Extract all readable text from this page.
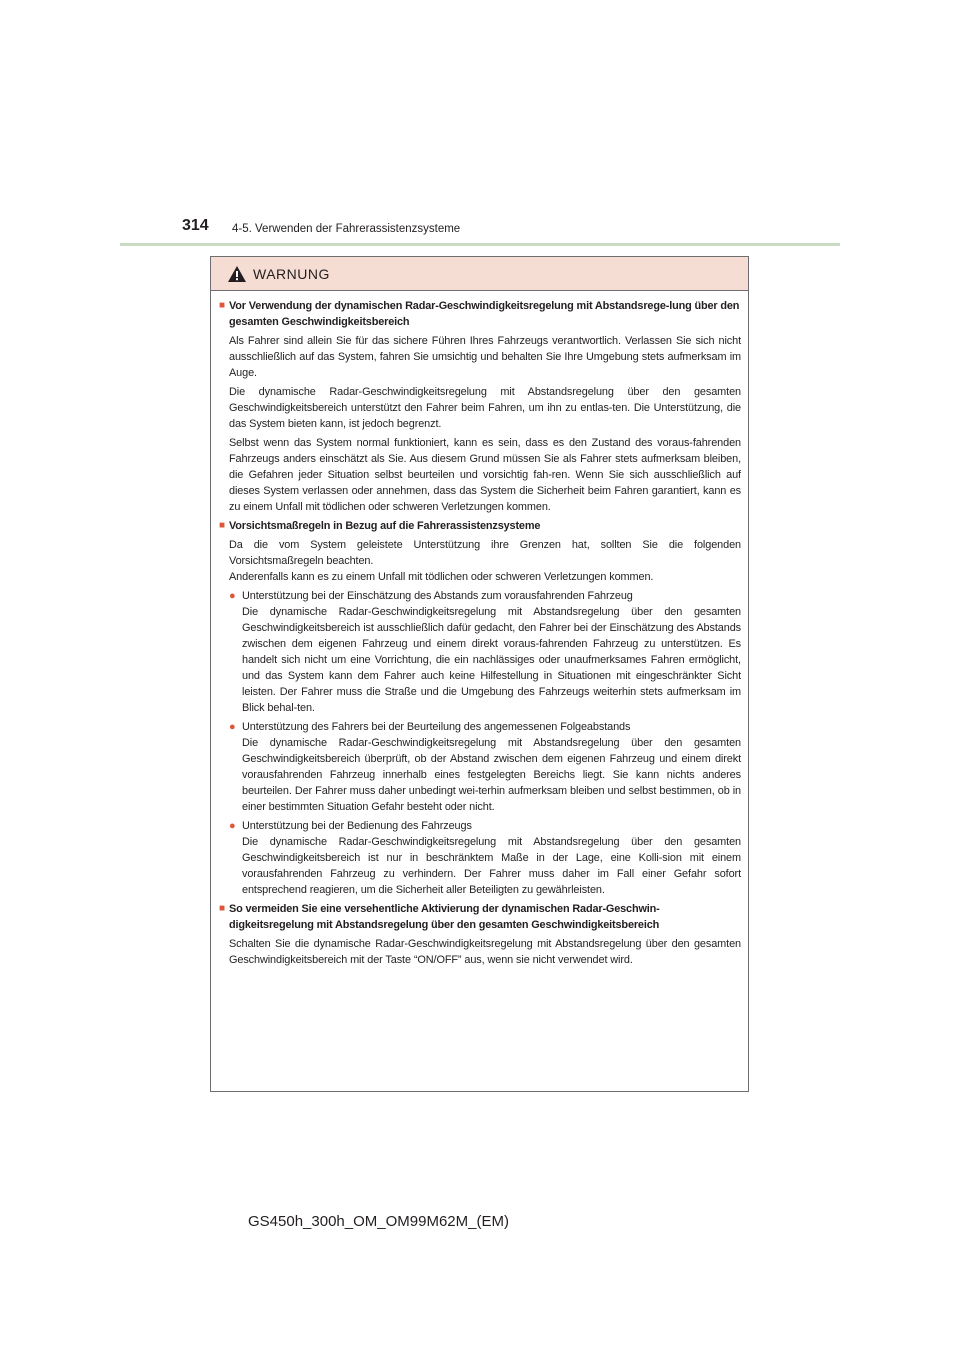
314 4-5. Verwenden der Fahrerassistenzsysteme
WARNUNG
■ Vor Verwendung der dynamischen Radar-Geschwindigkeitsregelung mit Abstandsrege-lung über den gesamten Geschwindigkeitsbereich

Als Fahrer sind allein Sie für das sichere Führen Ihres Fahrzeugs verantwortlich. Verlassen Sie sich nicht ausschließlich auf das System, fahren Sie umsichtig und behalten Sie Ihre Umgebung stets aufmerksam im Auge.

Die dynamische Radar-Geschwindigkeitsregelung mit Abstandsregelung über den gesamten Geschwindigkeitsbereich unterstützt den Fahrer beim Fahren, um ihn zu entlas-ten. Die Unterstützung, die das System bieten kann, ist jedoch begrenzt.

Selbst wenn das System normal funktioniert, kann es sein, dass es den Zustand des voraus-fahrenden Fahrzeugs anders einschätzt als Sie. Aus diesem Grund müssen Sie als Fahrer stets aufmerksam bleiben, die Gefahren jeder Situation selbst beurteilen und vorsichtig fah-ren. Wenn Sie sich ausschließlich auf dieses System verlassen oder annehmen, dass das System die Sicherheit beim Fahren garantiert, kann es zu einem Unfall mit tödlichen oder schweren Verletzungen kommen.

■ Vorsichtsmaßregeln in Bezug auf die Fahrerassistenzsysteme

Da die vom System geleistete Unterstützung ihre Grenzen hat, sollten Sie die folgenden Vorsichtsmaßregeln beachten.
Anderenfalls kann es zu einem Unfall mit tödlichen oder schweren Verletzungen kommen.

● Unterstützung bei der Einschätzung des Abstands zum vorausfahrenden Fahrzeug
Die dynamische Radar-Geschwindigkeitsregelung mit Abstandsregelung über den gesamten Geschwindigkeitsbereich ist ausschließlich dafür gedacht, den Fahrer bei der Einschätzung des Abstands zwischen dem eigenen Fahrzeug und einem direkt voraus-fahrenden Fahrzeug zu unterstützen. Es handelt sich nicht um eine Vorrichtung, die ein nachlässiges oder unaufmerksames Fahren ermöglicht, und das System kann dem Fahrer auch keine Hilfestellung in Situationen mit eingeschränkter Sicht leisten. Der Fahrer muss die Straße und die Umgebung des Fahrzeugs weiterhin stets aufmerksam im Blick behal-ten.
● Unterstützung des Fahrers bei der Beurteilung des angemessenen Folgeabstands
Die dynamische Radar-Geschwindigkeitsregelung mit Abstandsregelung über den gesamten Geschwindigkeitsbereich überprüft, ob der Abstand zwischen dem eigenen Fahrzeug und einem direkt vorausfahrenden Fahrzeug innerhalb eines festgelegten Bereichs liegt. Sie kann nichts anderes beurteilen. Der Fahrer muss daher unbedingt wei-terhin aufmerksam bleiben und selbst bestimmen, ob in einer bestimmten Situation Gefahr besteht oder nicht.
● Unterstützung bei der Bedienung des Fahrzeugs
Die dynamische Radar-Geschwindigkeitsregelung mit Abstandsregelung über den gesamten Geschwindigkeitsbereich ist nur in beschränktem Maße in der Lage, eine Kolli-sion mit einem vorausfahrenden Fahrzeug zu verhindern. Der Fahrer muss daher im Fall einer Gefahr sofort entsprechend reagieren, um die Sicherheit aller Beteiligten zu gewährleisten.
■ So vermeiden Sie eine versehentliche Aktivierung der dynamischen Radar-Geschwin-digkeitsregelung mit Abstandsregelung über den gesamten Geschwindigkeitsbereich

Schalten Sie die dynamische Radar-Geschwindigkeitsregelung mit Abstandsregelung über den gesamten Geschwindigkeitsbereich mit der Taste “ON/OFF” aus, wenn sie nicht verwendet wird.

GS450h_300h_OM_OM99M62M_(EM)
